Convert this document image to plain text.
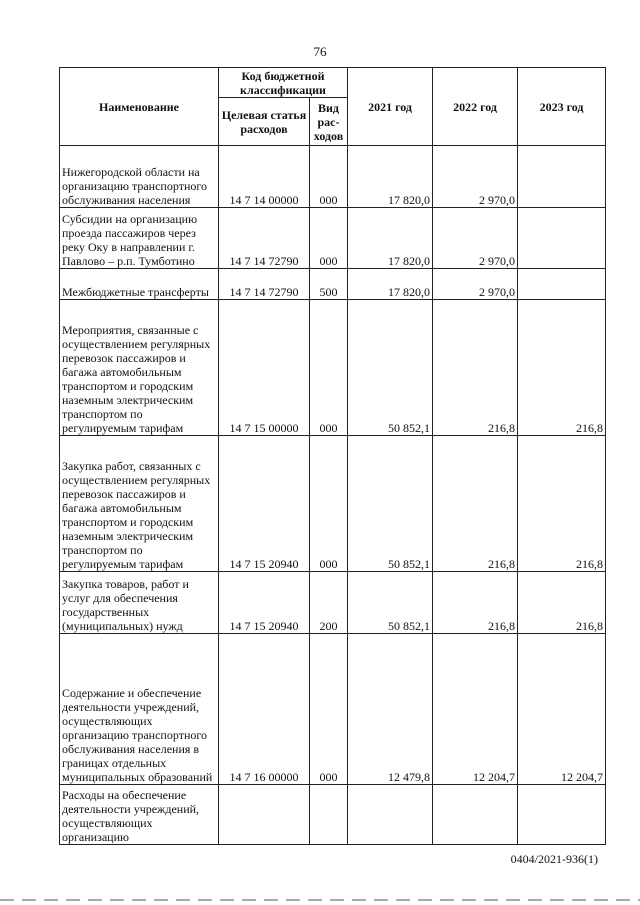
76
Наименование	Код бюджетной классификации		2021 год	2022 год	2023 год
	Целевая статья расходов	Вид рас-ходов			
Нижегородской области на организацию транспортного обслуживания населения	14 7 14 00000	000	17 820,0	2 970,0	
Субсидии на организацию проезда пассажиров через реку Оку в направлении г. Павлово – р.п. Тумботино	14 7 14 72790	000	17 820,0	2 970,0	
Межбюджетные трансферты	14 7 14 72790	500	17 820,0	2 970,0	
Мероприятия, связанные с осуществлением регулярных перевозок пассажиров и багажа автомобильным транспортом и городским наземным электрическим транспортом по регулируемым тарифам	14 7 15 00000	000	50 852,1	216,8	216,8
Закупка работ, связанных с осуществлением регулярных перевозок пассажиров и багажа автомобильным транспортом и городским наземным электрическим транспортом по регулируемым тарифам	14 7 15 20940	000	50 852,1	216,8	216,8
Закупка товаров, работ и услуг для обеспечения государственных (муниципальных) нужд	14 7 15 20940	200	50 852,1	216,8	216,8
Содержание и обеспечение деятельности учреждений, осуществляющих организацию транспортного обслуживания населения в границах отдельных муниципальных образований	14 7 16 00000	000	12 479,8	12 204,7	12 204,7
Расходы на обеспечение деятельности учреждений, осуществляющих организацию					
0404/2021-936(1)
